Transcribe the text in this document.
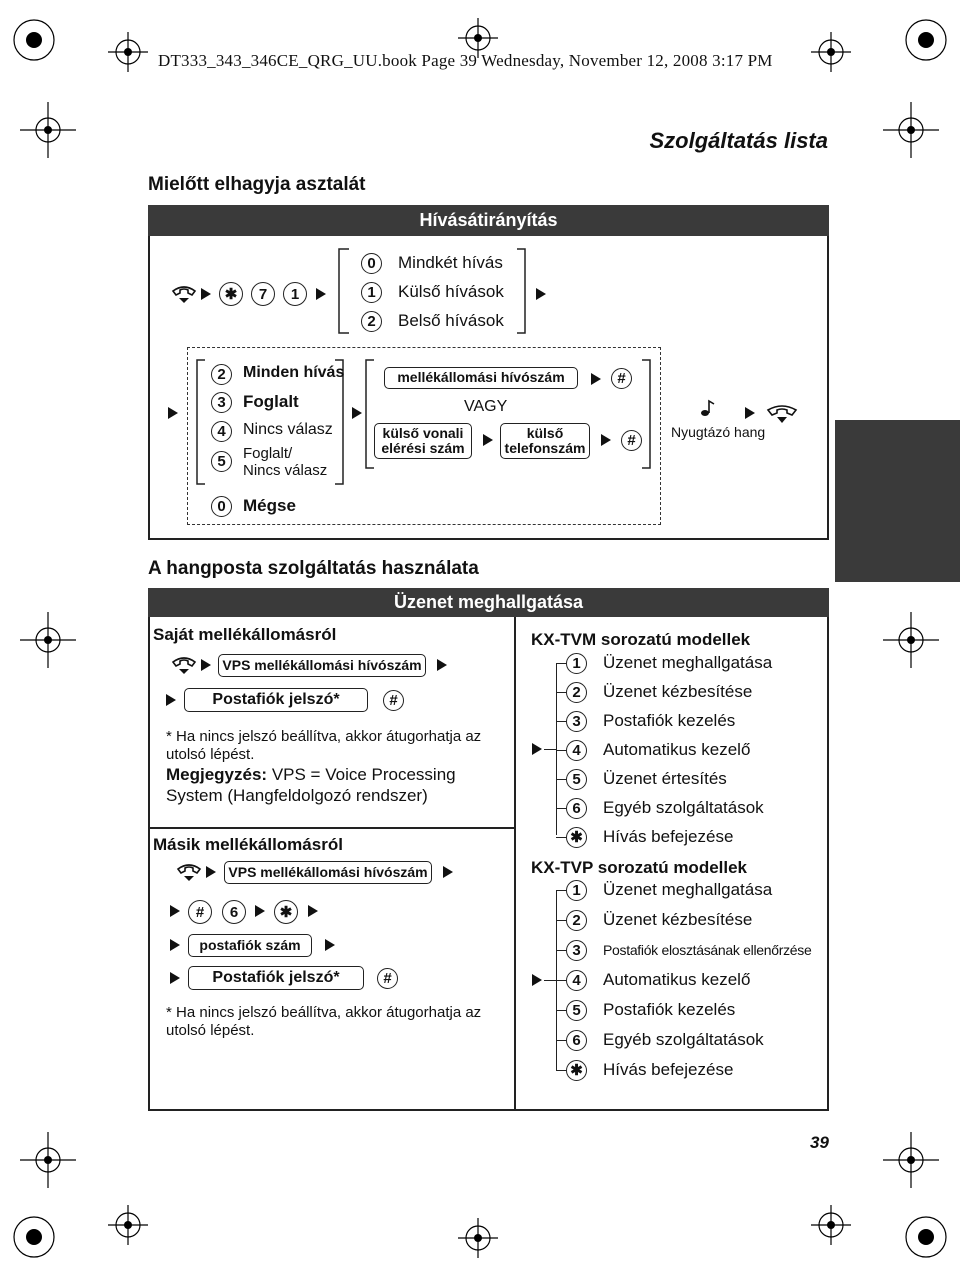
DT333_343_346CE_QRG_UU.book Page 39 Wednesday, November 12, 2008 3:17 PM
Szolgáltatás lista
Mielőtt elhagyja asztalát
Hívásátirányítás
✱	7	1
0	Mindkét hívás
1	Külső hívások
2	Belső hívások
2	Minden hívás
3	Foglalt
4	Nincs válasz
5	Foglalt/ Nincs válasz
0	Mégse
mellékállomási hívószám	#
VAGY
külső vonali elérési szám
külső telefonszám	#	Nyugtázó hang
A hangposta szolgáltatás használata
Üzenet meghallgatása
Saját mellékállomásról
VPS mellékállomási hívószám
Postafiók jelszó*	#
* Ha nincs jelszó beállítva, akkor átugorhatja az utolsó lépést.
Megjegyzés: VPS = Voice Processing System (Hangfeldolgozó rendszer)
Másik mellékállomásról
VPS mellékállomási hívószám
#	6	✱
postafiók szám
Postafiók jelszó*	#
* Ha nincs jelszó beállítva, akkor átugorhatja az utolsó lépést.
KX-TVM sorozatú modellek
1	Üzenet meghallgatása
2	Üzenet kézbesítése
3	Postafiók kezelés
4	Automatikus kezelő
5	Üzenet értesítés
6	Egyéb szolgáltatások
✱ Hívás befejezése
KX-TVP sorozatú modellek
1	Üzenet meghallgatása
2	Üzenet kézbesítése
3	Postafiók elosztásának ellenőrzése
4	Automatikus kezelő
5	Postafiók kezelés
6	Egyéb szolgáltatások
✱ Hívás befejezése
39
